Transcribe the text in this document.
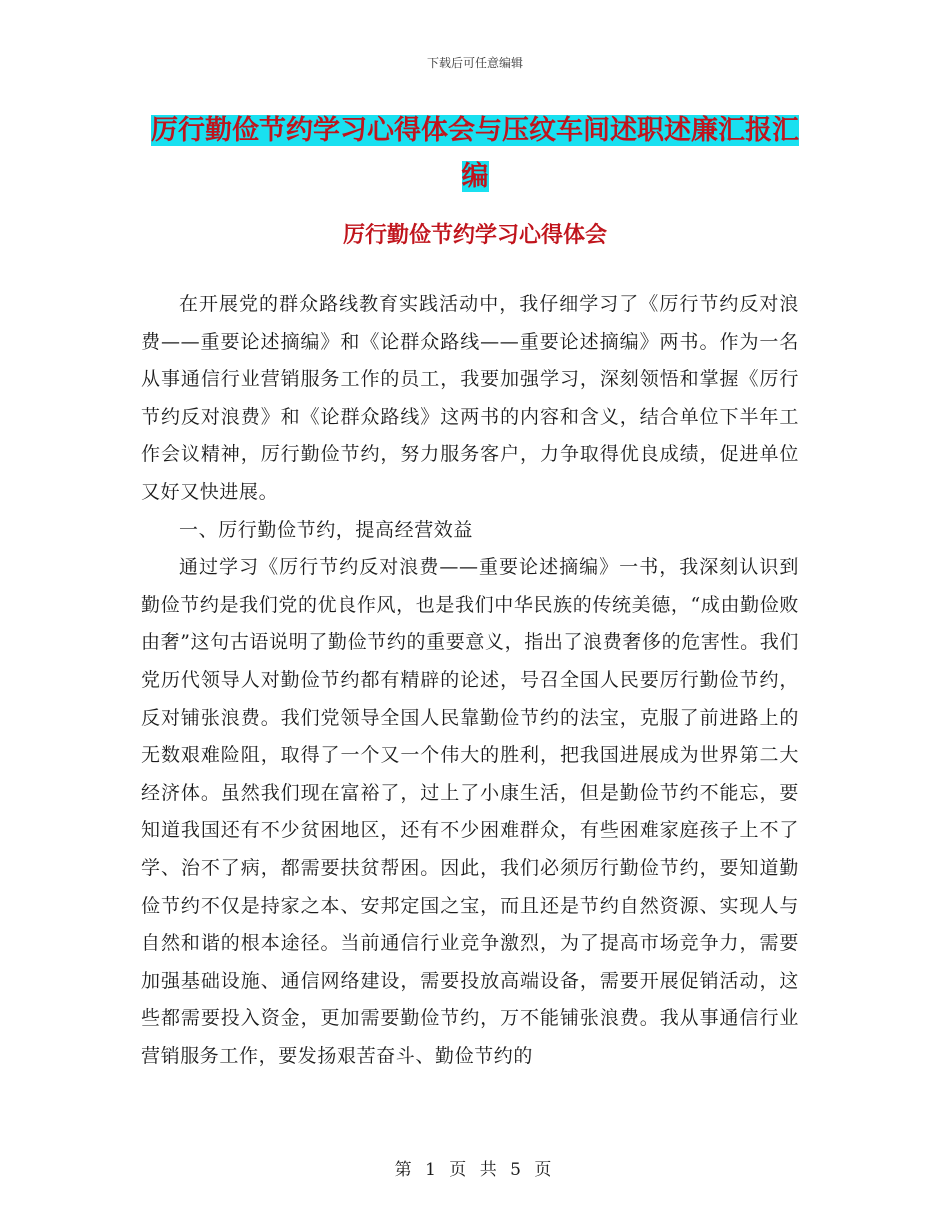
下载后可任意编辑
厉行勤俭节约学习心得体会与压纹车间述职述廉汇报汇编
厉行勤俭节约学习心得体会

在开展党的群众路线教育实践活动中，我仔细学习了《厉行节约反对浪费——重要论述摘编》和《论群众路线——重要论述摘编》两书。作为一名从事通信行业营销服务工作的员工，我要加强学习，深刻领悟和掌握《厉行节约反对浪费》和《论群众路线》这两书的内容和含义，结合单位下半年工作会议精神，厉行勤俭节约，努力服务客户，力争取得优良成绩，促进单位又好又快进展。

一、厉行勤俭节约，提高经营效益

通过学习《厉行节约反对浪费——重要论述摘编》一书，我深刻认识到勤俭节约是我们党的优良作风，也是我们中华民族的传统美德，“成由勤俭败由奢”这句古语说明了勤俭节约的重要意义，指出了浪费奢侈的危害性。我们党历代领导人对勤俭节约都有精辟的论述，号召全国人民要厉行勤俭节约，反对铺张浪费。我们党领导全国人民靠勤俭节约的法宝，克服了前进路上的无数艰难险阻，取得了一个又一个伟大的胜利，把我国进展成为世界第二大经济体。虽然我们现在富裕了，过上了小康生活，但是勤俭节约不能忘，要知道我国还有不少贫困地区，还有不少困难群众，有些困难家庭孩子上不了学、治不了病，都需要扶贫帮困。因此，我们必须厉行勤俭节约，要知道勤俭节约不仅是持家之本、安邦定国之宝，而且还是节约自然资源、实现人与自然和谐的根本途径。当前通信行业竞争激烈，为了提高市场竞争力，需要加强基础设施、通信网络建设，需要投放高端设备，需要开展促销活动，这些都需要投入资金，更加需要勤俭节约，万不能铺张浪费。我从事通信行业营销服务工作，要发扬艰苦奋斗、勤俭节约的

第 1 页 共 5 页
